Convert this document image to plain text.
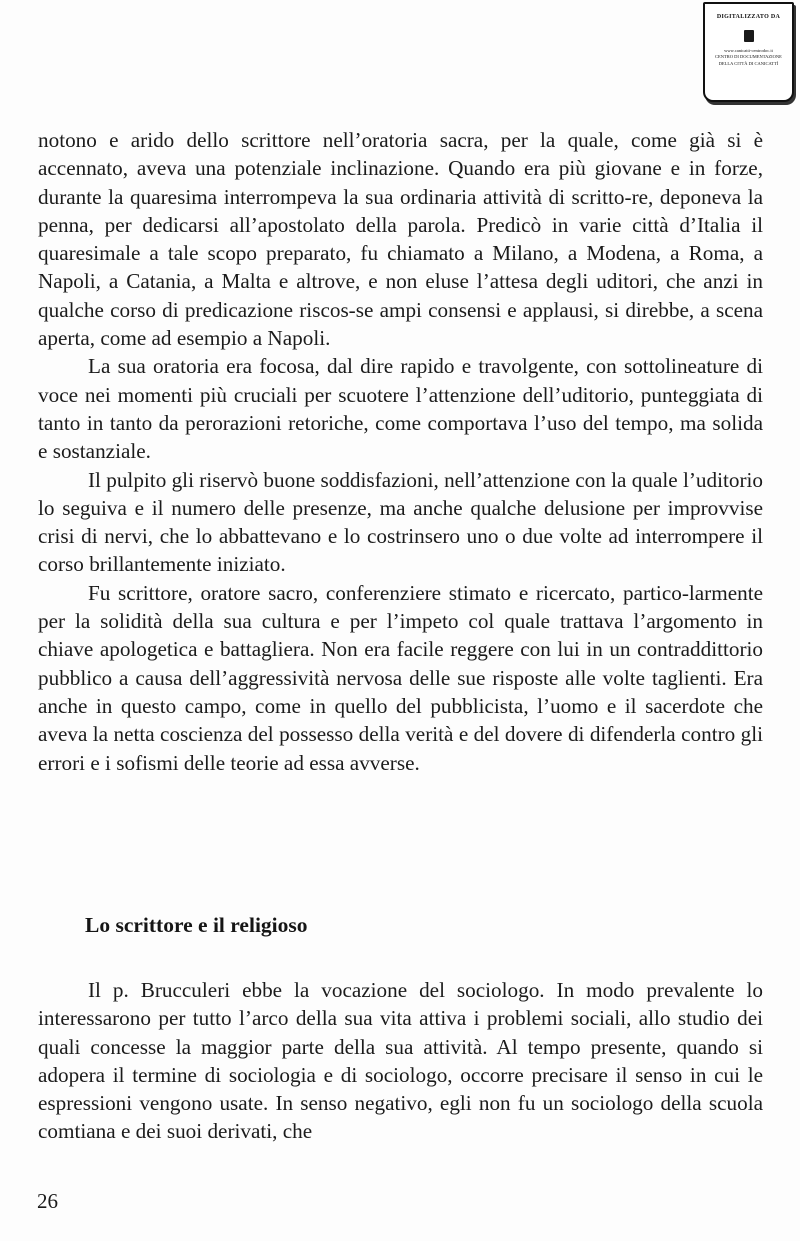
DIGITALIZZATO DA
www.canicatti-centrodoc.it
CENTRO DI DOCUMENTAZIONE
DELLA CITTÀ DI CANICATTÌ

notono e arido dello scrittore nell’oratoria sacra, per la quale, come già si è accennato, aveva una potenziale inclinazione. Quando era più giovane e in forze, durante la quaresima interrompeva la sua ordinaria attività di scritto-re, deponeva la penna, per dedicarsi all’apostolato della parola. Predicò in varie città d’Italia il quaresimale a tale scopo preparato, fu chiamato a Milano, a Modena, a Roma, a Napoli, a Catania, a Malta e altrove, e non eluse l’attesa degli uditori, che anzi in qualche corso di predicazione riscos-se ampi consensi e applausi, si direbbe, a scena aperta, come ad esempio a Napoli.

La sua oratoria era focosa, dal dire rapido e travolgente, con sottolineature di voce nei momenti più cruciali per scuotere l’attenzione dell’uditorio, punteggiata di tanto in tanto da perorazioni retoriche, come comportava l’uso del tempo, ma solida e sostanziale.

Il pulpito gli riservò buone soddisfazioni, nell’attenzione con la quale l’uditorio lo seguiva e il numero delle presenze, ma anche qualche delusione per improvvise crisi di nervi, che lo abbattevano e lo costrinsero uno o due volte ad interrompere il corso brillantemente iniziato.

Fu scrittore, oratore sacro, conferenziere stimato e ricercato, partico-larmente per la solidità della sua cultura e per l’impeto col quale trattava l’argomento in chiave apologetica e battagliera. Non era facile reggere con lui in un contraddittorio pubblico a causa dell’aggressività nervosa delle sue risposte alle volte taglienti. Era anche in questo campo, come in quello del pubblicista, l’uomo e il sacerdote che aveva la netta coscienza del possesso della verità e del dovere di difenderla contro gli errori e i sofismi delle teorie ad essa avverse.

Lo scrittore e il religioso

Il p. Brucculeri ebbe la vocazione del sociologo. In modo prevalente lo interessarono per tutto l’arco della sua vita attiva i problemi sociali, allo studio dei quali concesse la maggior parte della sua attività. Al tempo presente, quando si adopera il termine di sociologia e di sociologo, occorre precisare il senso in cui le espressioni vengono usate. In senso negativo, egli non fu un sociologo della scuola comtiana e dei suoi derivati, che

26
